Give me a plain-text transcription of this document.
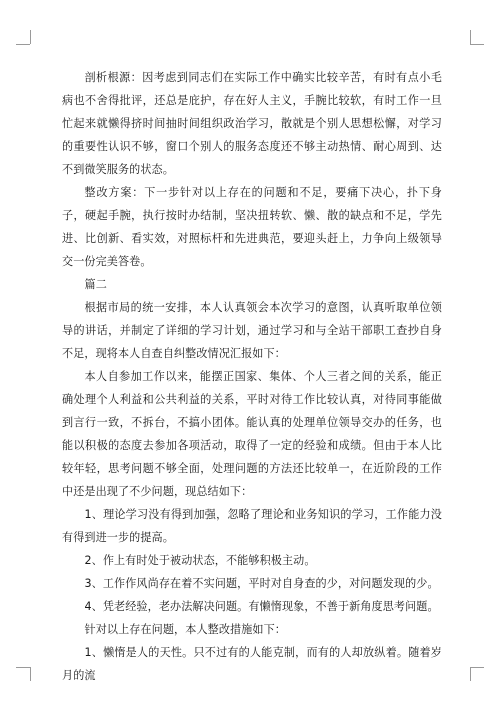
剖析根源：因考虑到同志们在实际工作中确实比较辛苦，有时有点小毛病也不舍得批评，还总是庇护，存在好人主义，手腕比较软，有时工作一旦忙起来就懒得挤时间抽时间组织政治学习，散就是个别人思想松懈，对学习的重要性认识不够，窗口个别人的服务态度还不够主动热情、耐心周到、达不到微笑服务的状态。

整改方案：下一步针对以上存在的问题和不足，要痛下决心，扑下身子，硬起手腕，执行按时办结制，坚决扭转软、懒、散的缺点和不足，学先进、比创新、看实效，对照标杆和先进典范，要迎头赶上，力争向上级领导交一份完美答卷。

篇二

根据市局的统一安排，本人认真领会本次学习的意图，认真听取单位领导的讲话，并制定了详细的学习计划，通过学习和与全站干部职工查抄自身不足，现将本人自查自纠整改情况汇报如下：

本人自参加工作以来，能摆正国家、集体、个人三者之间的关系，能正确处理个人利益和公共利益的关系，平时对待工作比较认真，对待同事能做到言行一致，不拆台，不搞小团体。能认真的处理单位领导交办的任务，也能以积极的态度去参加各项活动，取得了一定的经验和成绩。但由于本人比较年轻，思考问题不够全面，处理问题的方法还比较单一，在近阶段的工作中还是出现了不少问题，现总结如下：

1、理论学习没有得到加强，忽略了理论和业务知识的学习，工作能力没有得到进一步的提高。

2、作上有时处于被动状态，不能够积极主动。

3、工作作风尚存在着不实问题，平时对自身查的少，对问题发现的少。

4、凭老经验，老办法解决问题。有懒惰现象，不善于新角度思考问题。

针对以上存在问题，本人整改措施如下：

1、懒惰是人的天性。只不过有的人能克制，而有的人却放纵着。随着岁月的流
